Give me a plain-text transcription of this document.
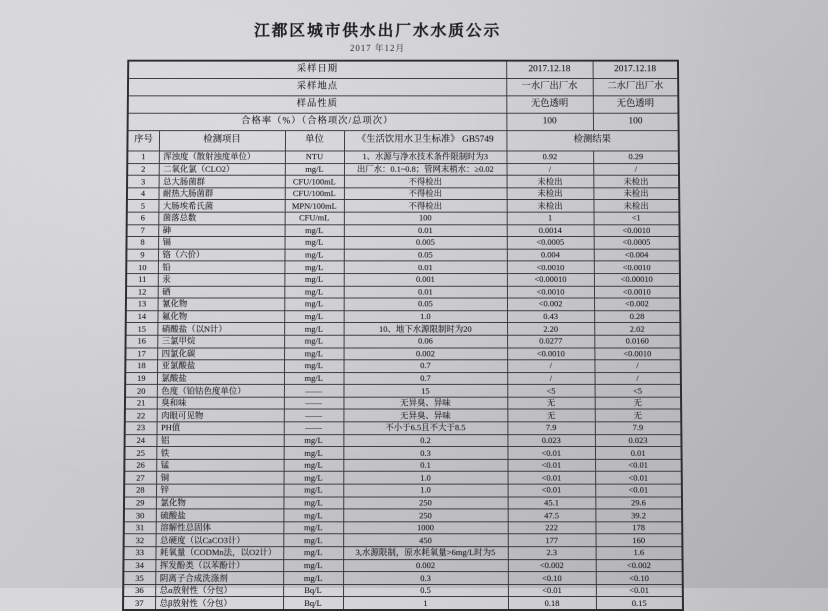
江都区城市供水出厂水水质公示
2017 年12月
采样日期				2017.12.18	2017.12.18
采样地点				一水厂出厂水	二水厂出厂水
样品性质				无色透明	无色透明
合格率（%）（合格项次/总项次）				100	100
序号	检测项目	单位	《生活饮用水卫生标准》 GB5749	检测结果	
1	浑浊度（散射浊度单位）	NTU	1、水源与净水技术条件限制时为3	0.92	0.29
2	二氧化氯（CLO2）	mg/L	出厂水：0.1~0.8；管网末梢水：≥0.02	/	/
3	总大肠菌群	CFU/100mL	不得检出	未检出	未检出
4	耐热大肠菌群	CFU/100mL	不得检出	未检出	未检出
5	大肠埃希氏菌	MPN/100mL	不得检出	未检出	未检出
6	菌落总数	CFU/mL	100	1	<1
7	砷	mg/L	0.01	0.0014	<0.0010
8	镉	mg/L	0.005	<0.0005	<0.0005
9	铬（六价）	mg/L	0.05	0.004	<0.004
10	铅	mg/L	0.01	<0.0010	<0.0010
11	汞	mg/L	0.001	<0.00010	<0.00010
12	硒	mg/L	0.01	<0.0010	<0.0010
13	氰化物	mg/L	0.05	<0.002	<0.002
14	氟化物	mg/L	1.0	0.43	0.28
15	硝酸盐（以N计）	mg/L	10、地下水源限制时为20	2.20	2.02
16	三氯甲烷	mg/L	0.06	0.0277	0.0160
17	四氯化碳	mg/L	0.002	<0.0010	<0.0010
18	亚氯酸盐	mg/L	0.7	/	/
19	氯酸盐	mg/L	0.7	/	/
20	色度（铂钴色度单位）	——	15	<5	<5
21	臭和味	——	无异臭、异味	无	无
22	肉眼可见物	——	无异臭、异味	无	无
23	PH值	——	不小于6.5且不大于8.5	7.9	7.9
24	铝	mg/L	0.2	0.023	0.023
25	铁	mg/L	0.3	<0.01	0.01
26	锰	mg/L	0.1	<0.01	<0.01
27	铜	mg/L	1.0	<0.01	<0.01
28	锌	mg/L	1.0	<0.01	<0.01
29	氯化物	mg/L	250	45.1	29.6
30	硫酸盐	mg/L	250	47.5	39.2
31	溶解性总固体	mg/L	1000	222	178
32	总硬度（以CaCO3计）	mg/L	450	177	160
33	耗氧量（CODMn法，以O2计）	mg/L	3,水源限制，原水耗氧量>6mg/L时为5	2.3	1.6
34	挥发酚类（以苯酚计）	mg/L	0.002	<0.002	<0.002
35	阴离子合成洗涤剂	mg/L	0.3	<0.10	<0.10
36	总α放射性（分包）	Bq/L	0.5	<0.01	<0.01
37	总β放射性（分包）	Bq/L	1	0.18	0.15
